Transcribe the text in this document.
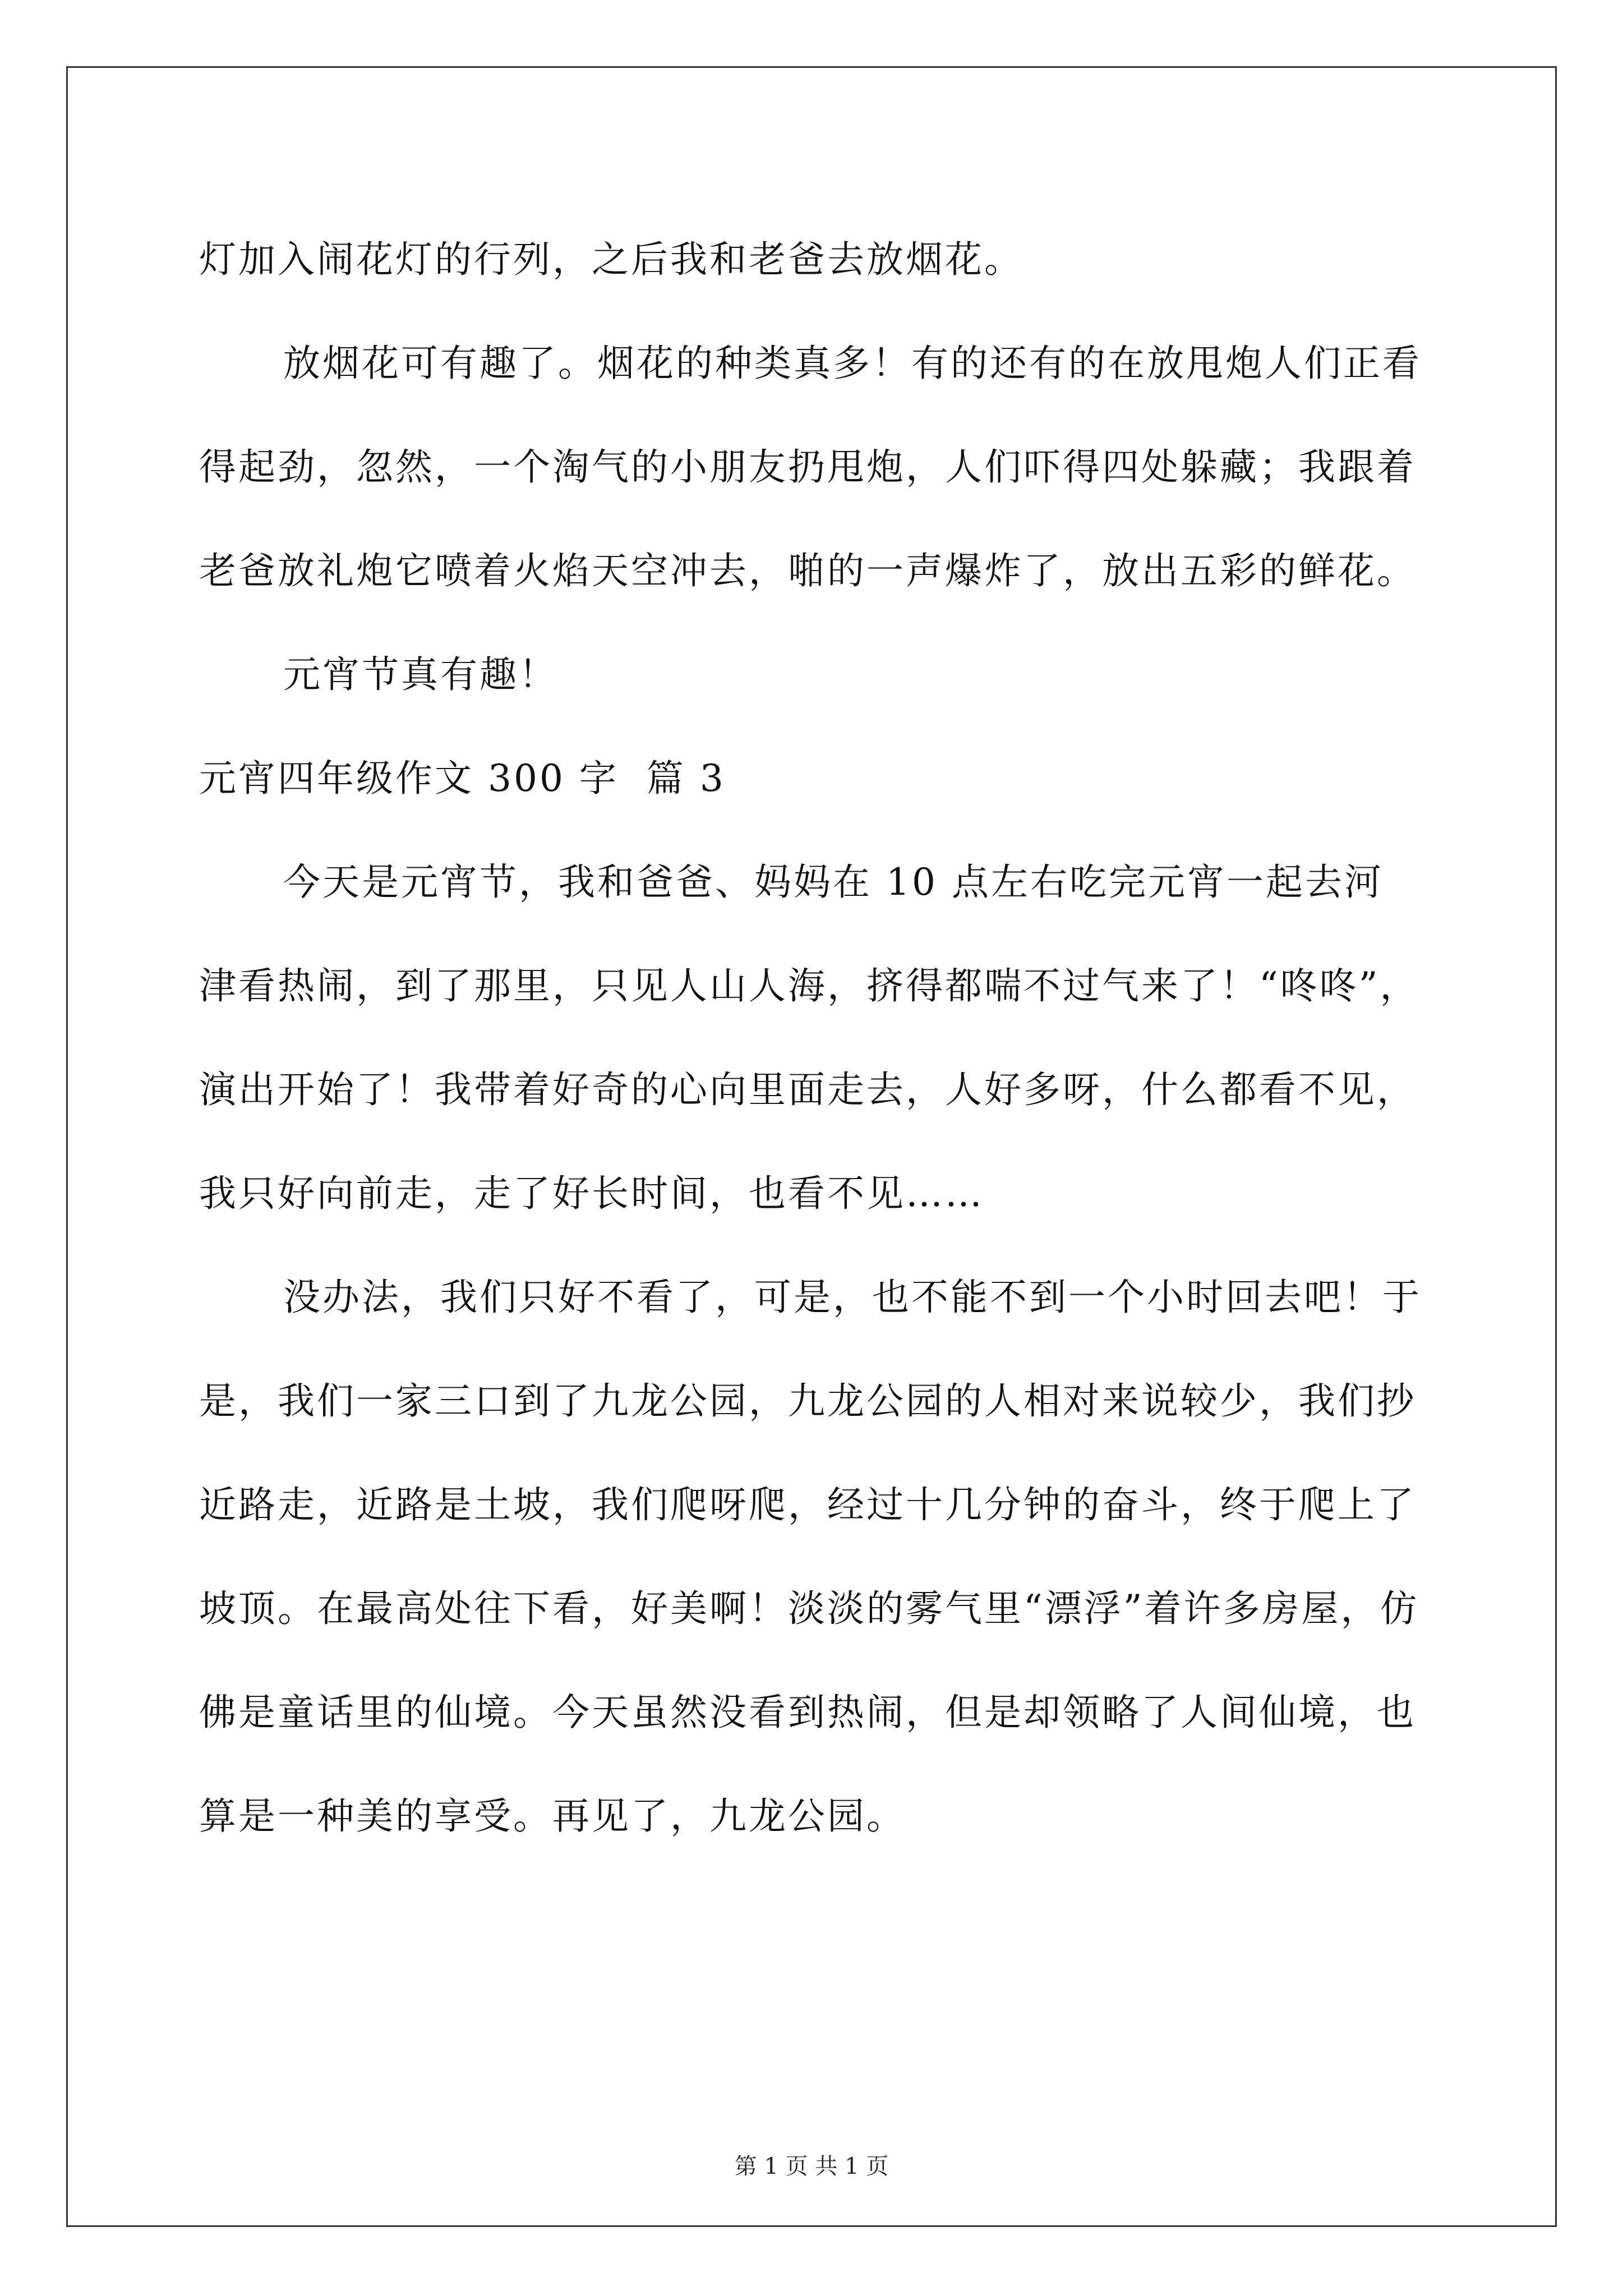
灯加入闹花灯的行列，之后我和老爸去放烟花。

放烟花可有趣了。烟花的种类真多！有的还有的在放甩炮人们正看得起劲，忽然，一个淘气的小朋友扔甩炮，人们吓得四处躲藏；我跟着老爸放礼炮它喷着火焰天空冲去，啪的一声爆炸了，放出五彩的鲜花。

元宵节真有趣！

元宵四年级作文 300 字  篇 3

今天是元宵节，我和爸爸、妈妈在 10 点左右吃完元宵一起去河津看热闹，到了那里，只见人山人海，挤得都喘不过气来了！“咚咚”，演出开始了！我带着好奇的心向里面走去，人好多呀，什么都看不见，我只好向前走，走了好长时间，也看不见……

没办法，我们只好不看了，可是，也不能不到一个小时回去吧！于是，我们一家三口到了九龙公园，九龙公园的人相对来说较少，我们抄近路走，近路是土坡，我们爬呀爬，经过十几分钟的奋斗，终于爬上了坡顶。在最高处往下看，好美啊！淡淡的雾气里“漂浮”着许多房屋，仿佛是童话里的仙境。今天虽然没看到热闹，但是却领略了人间仙境，也算是一种美的享受。再见了，九龙公园。

第 1 页 共 1 页
